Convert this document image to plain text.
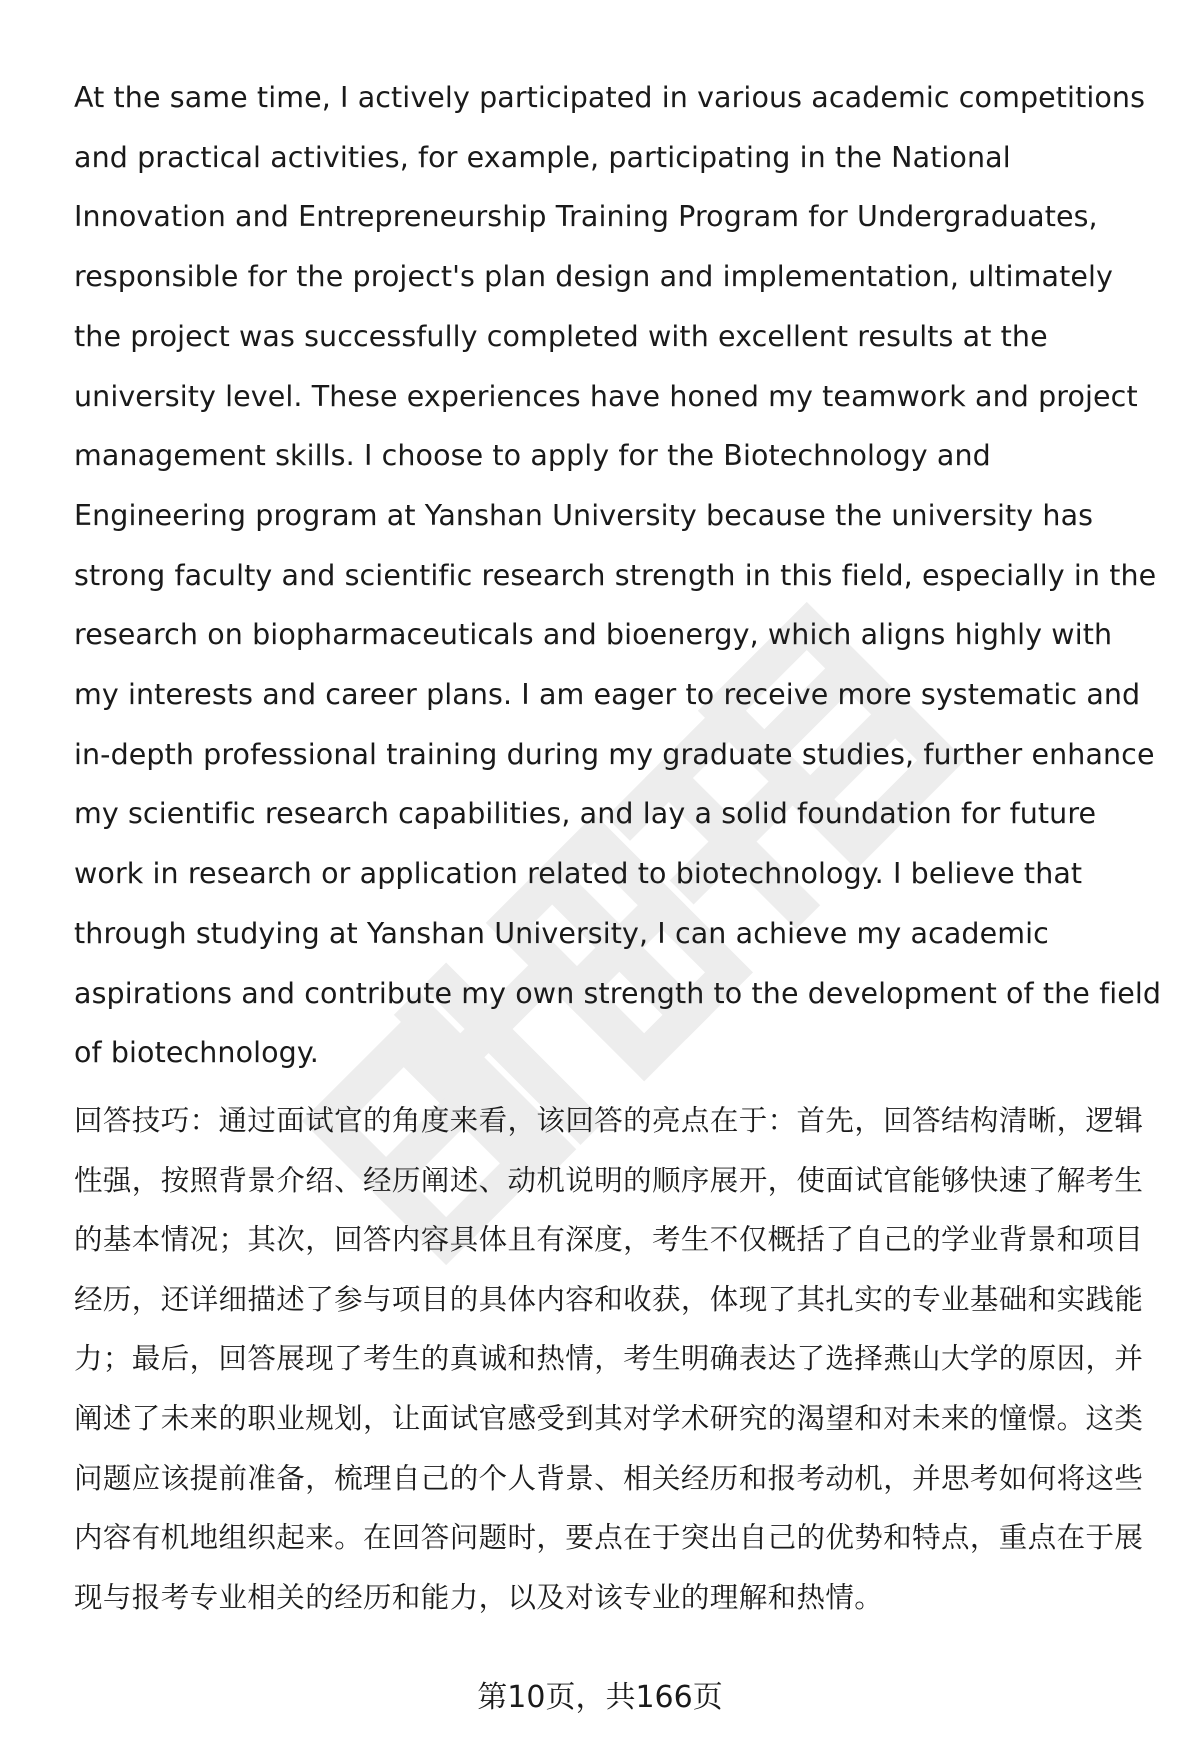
At the same time, I actively participated in various academic competitions and practical activities, for example, participating in the National Innovation and Entrepreneurship Training Program for Undergraduates, responsible for the project's plan design and implementation, ultimately the project was successfully completed with excellent results at the university level. These experiences have honed my teamwork and project management skills. I choose to apply for the Biotechnology and Engineering program at Yanshan University because the university has strong faculty and scientific research strength in this field, especially in the research on biopharmaceuticals and bioenergy, which aligns highly with my interests and career plans. I am eager to receive more systematic and in-depth professional training during my graduate studies, further enhance my scientific research capabilities, and lay a solid foundation for future work in research or application related to biotechnology. I believe that through studying at Yanshan University, I can achieve my academic aspirations and contribute my own strength to the development of the field of biotechnology.

回答技巧：通过面试官的角度来看，该回答的亮点在于：首先，回答结构清晰，逻辑性强，按照背景介绍、经历阐述、动机说明的顺序展开，使面试官能够快速了解考生的基本情况；其次，回答内容具体且有深度，考生不仅概括了自己的学业背景和项目经历，还详细描述了参与项目的具体内容和收获，体现了其扎实的专业基础和实践能力；最后，回答展现了考生的真诚和热情，考生明确表达了选择燕山大学的原因，并阐述了未来的职业规划，让面试官感受到其对学术研究的渴望和对未来的憧憬。这类问题应该提前准备，梳理自己的个人背景、相关经历和报考动机，并思考如何将这些内容有机地组织起来。在回答问题时，要点在于突出自己的优势和特点，重点在于展现与报考专业相关的经历和能力，以及对该专业的理解和热情。

第10页，共166页
